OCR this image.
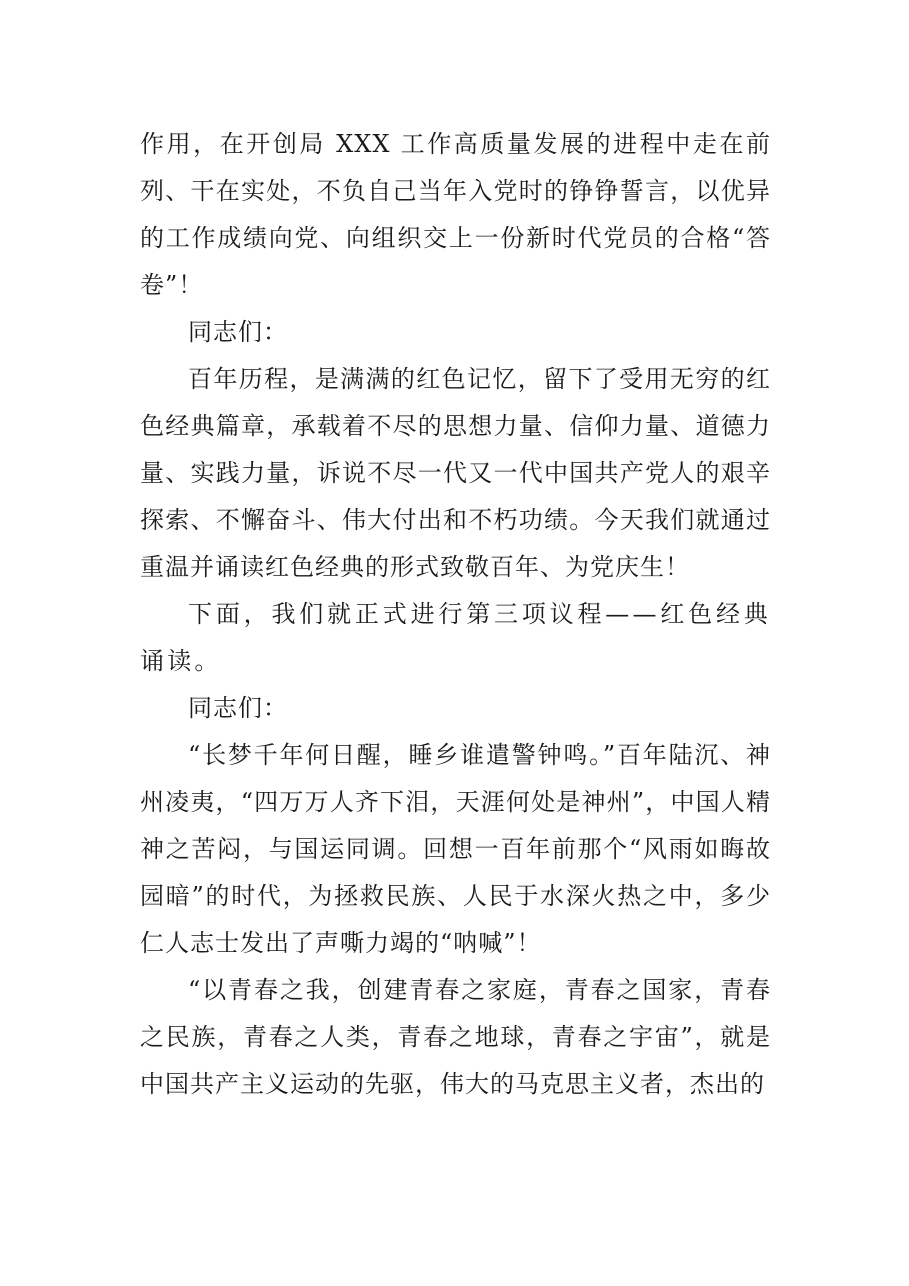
作用，在开创局 XXX 工作高质量发展的进程中走在前列、干在实处，不负自己当年入党时的铮铮誓言，以优异的工作成绩向党、向组织交上一份新时代党员的合格“答卷”！

同志们：

百年历程，是满满的红色记忆，留下了受用无穷的红色经典篇章，承载着不尽的思想力量、信仰力量、道德力量、实践力量，诉说不尽一代又一代中国共产党人的艰辛探索、不懈奋斗、伟大付出和不朽功绩。今天我们就通过重温并诵读红色经典的形式致敬百年、为党庆生！

下面，我们就正式进行第三项议程——红色经典诵读。

同志们：

“长梦千年何日醒，睡乡谁遣警钟鸣。”百年陆沉、神州凌夷，“四万万人齐下泪，天涯何处是神州”，中国人精神之苦闷，与国运同调。回想一百年前那个“风雨如晦故园暗”的时代，为拯救民族、人民于水深火热之中，多少仁人志士发出了声嘶力竭的“呐喊”！

“以青春之我，创建青春之家庭，青春之国家，青春之民族，青春之人类，青春之地球，青春之宇宙”，就是中国共产主义运动的先驱，伟大的马克思主义者，杰出的
